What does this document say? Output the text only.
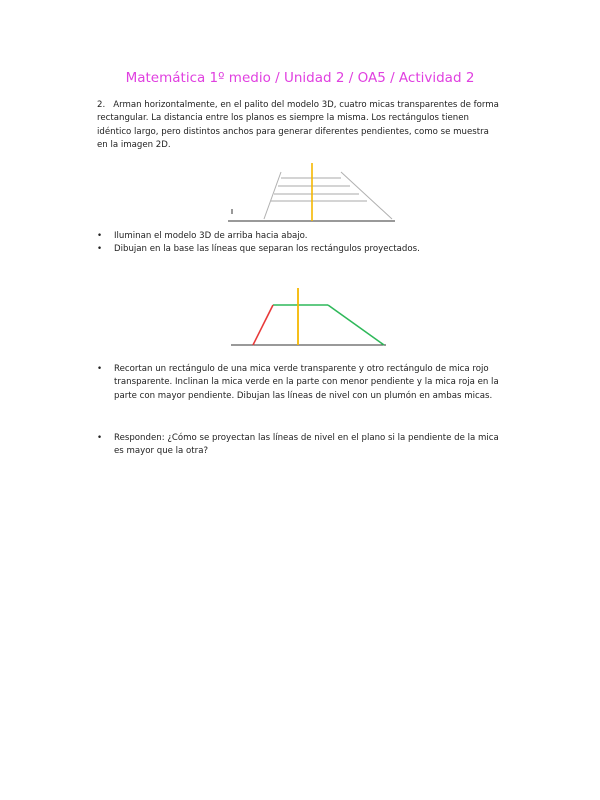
Matemática 1º medio / Unidad 2 / OA5 / Actividad 2

2. Arman horizontalmente, en el palito del modelo 3D, cuatro micas transparentes de forma rectangular. La distancia entre los planos es siempre la misma. Los rectángulos tienen idéntico largo, pero distintos anchos para generar diferentes pendientes, como se muestra en la imagen 2D.

• Iluminan el modelo 3D de arriba hacia abajo.
• Dibujan en la base las líneas que separan los rectángulos proyectados.
• Recortan un rectángulo de una mica verde transparente y otro rectángulo de mica rojo transparente. Inclinan la mica verde en la parte con menor pendiente y la mica roja en la parte con mayor pendiente. Dibujan las líneas de nivel con un plumón en ambas micas.
• Responden: ¿Cómo se proyectan las líneas de nivel en el plano si la pendiente de la mica es mayor que la otra?
